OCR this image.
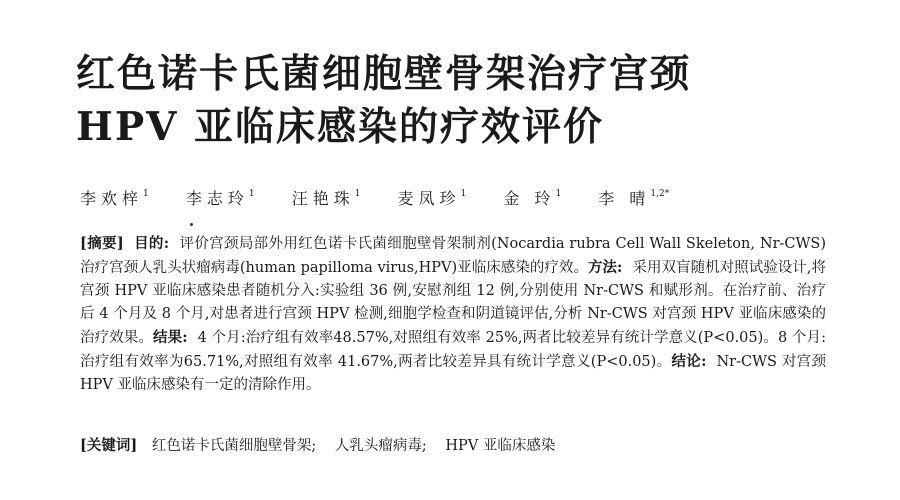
红色诺卡氏菌细胞壁骨架治疗宫颈
HPV 亚临床感染的疗效评价
李欢梓$^1$ 李志玲$^1$ 汪艳珠$^1$ 麦凤珍$^1$ 金 玲$^1$ 李 晴$^{1,2*}$

[摘要] 目的: 评价宫颈局部外用红色诺卡氏菌细胞壁骨架制剂(Nocardia rubra Cell Wall Skeleton, Nr-CWS)治疗宫颈人乳头状瘤病毒(human papilloma virus,HPV)亚临床感染的疗效。方法: 采用双盲随机对照试验设计,将宫颈 HPV 亚临床感染患者随机分入:实验组 36 例,安慰剂组 12 例,分别使用 Nr-CWS 和赋形剂。在治疗前、治疗后 4 个月及 8 个月,对患者进行宫颈 HPV 检测,细胞学检查和阴道镜评估,分析 Nr-CWS 对宫颈 HPV 亚临床感染的治疗效果。结果: 4 个月:治疗组有效率48.57%,对照组有效率 25%,两者比较差异有统计学意义(P<0.05)。8 个月:治疗组有效率为65.71%,对照组有效率 41.67%,两者比较差异具有统计学意义(P<0.05)。结论: Nr-CWS 对宫颈 HPV 亚临床感染有一定的清除作用。

[关键词] 红色诺卡氏菌细胞壁骨架; 人乳头瘤病毒; HPV 亚临床感染
